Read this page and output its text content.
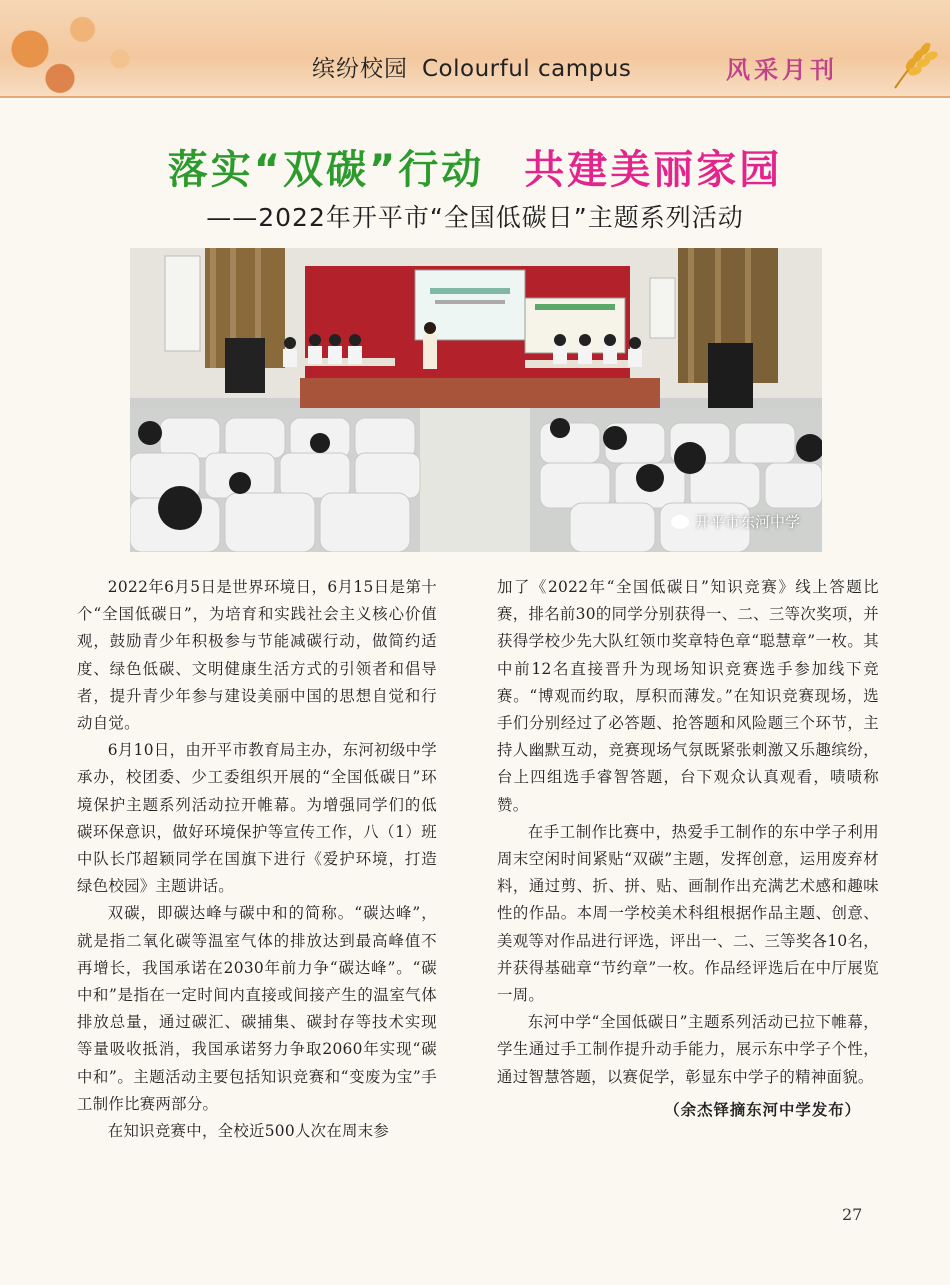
缤纷校园 Colourful campus	风采月刊
落实“双碳”行动 共建美丽家园
——2022年开平市“全国低碳日”主题系列活动
开平市东河中学

2022年6月5日是世界环境日，6月15日是第十个“全国低碳日”，为培育和实践社会主义核心价值观，鼓励青少年积极参与节能减碳行动，做简约适度、绿色低碳、文明健康生活方式的引领者和倡导者，提升青少年参与建设美丽中国的思想自觉和行动自觉。

6月10日，由开平市教育局主办，东河初级中学承办，校团委、少工委组织开展的“全国低碳日”环境保护主题系列活动拉开帷幕。为增强同学们的低碳环保意识，做好环境保护等宣传工作，八（1）班中队长邝超颖同学在国旗下进行《爱护环境，打造绿色校园》主题讲话。

双碳，即碳达峰与碳中和的简称。“碳达峰”，就是指二氧化碳等温室气体的排放达到最高峰值不再增长，我国承诺在2030年前力争“碳达峰”。“碳中和”是指在一定时间内直接或间接产生的温室气体排放总量，通过碳汇、碳捕集、碳封存等技术实现等量吸收抵消，我国承诺努力争取2060年实现“碳中和”。主题活动主要包括知识竞赛和“变废为宝”手工制作比赛两部分。

在知识竞赛中，全校近500人次在周末参

加了《2022年“全国低碳日”知识竞赛》线上答题比赛，排名前30的同学分别获得一、二、三等次奖项，并获得学校少先大队红领巾奖章特色章“聪慧章”一枚。其中前12名直接晋升为现场知识竞赛选手参加线下竞赛。“博观而约取，厚积而薄发。”在知识竞赛现场，选手们分别经过了必答题、抢答题和风险题三个环节，主持人幽默互动，竞赛现场气氛既紧张刺激又乐趣缤纷，台上四组选手睿智答题，台下观众认真观看，啧啧称赞。

在手工制作比赛中，热爱手工制作的东中学子利用周末空闲时间紧贴“双碳”主题，发挥创意，运用废弃材料，通过剪、折、拼、贴、画制作出充满艺术感和趣味性的作品。本周一学校美术科组根据作品主题、创意、美观等对作品进行评选，评出一、二、三等奖各10名，并获得基础章“节约章”一枚。作品经评选后在中厅展览一周。

东河中学“全国低碳日”主题系列活动已拉下帷幕，学生通过手工制作提升动手能力，展示东中学子个性，通过智慧答题，以赛促学，彰显东中学子的精神面貌。

（余杰铎摘东河中学发布）
27
